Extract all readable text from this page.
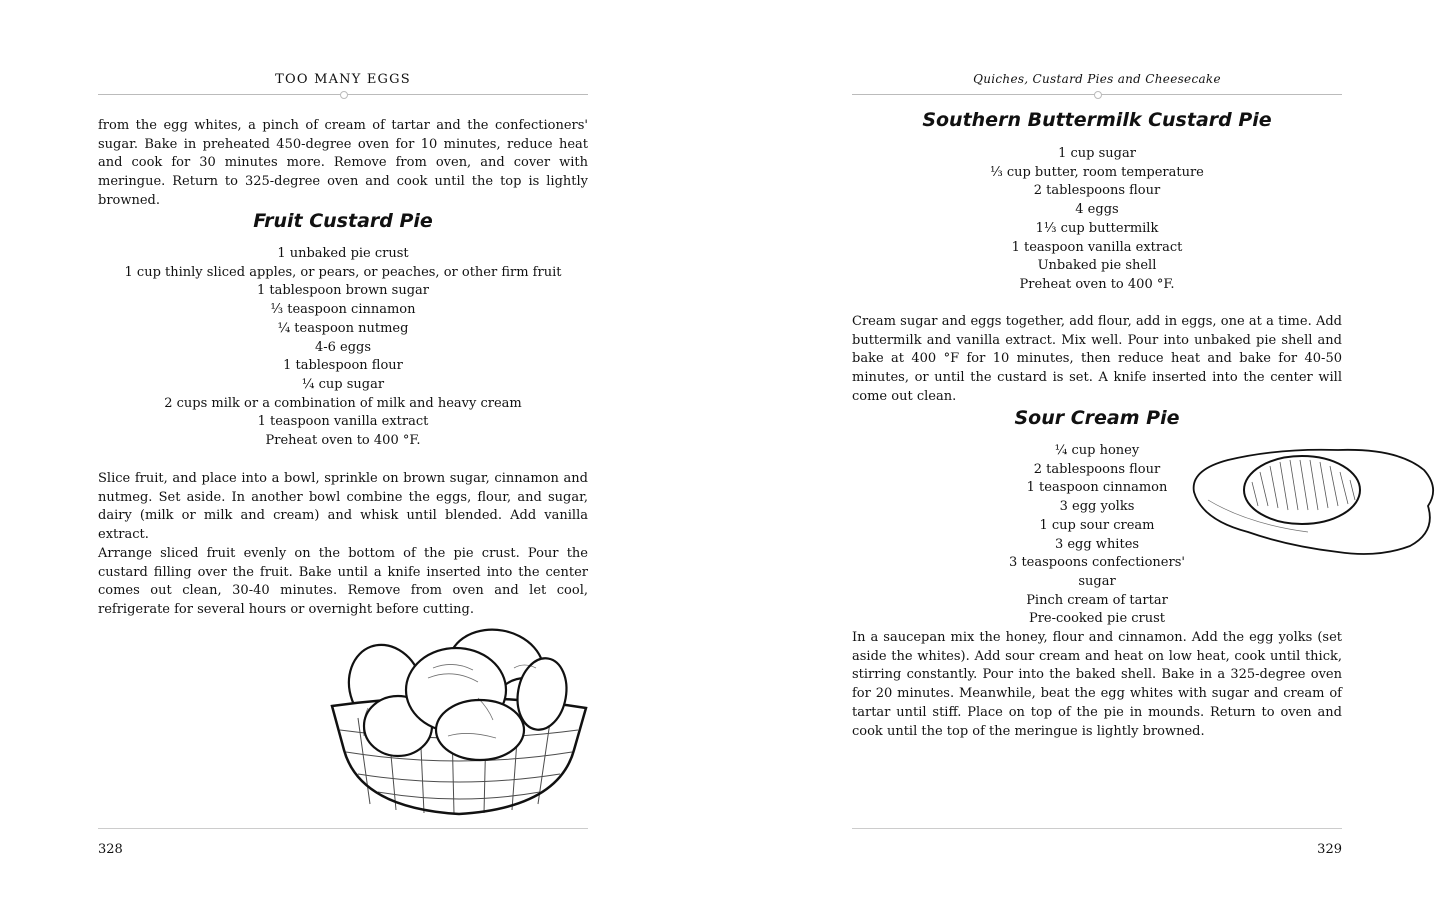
TOO MANY EGGS

from the egg whites, a pinch of cream of tartar and the confectioners' sugar. Bake in preheated 450-degree oven for 10 minutes, reduce heat and cook for 30 minutes more. Remove from oven, and cover with meringue. Return to 325-degree oven and cook until the top is lightly browned.

Fruit Custard Pie
1 unbaked pie crust
1 cup thinly sliced apples, or pears, or peaches, or other firm fruit
1 tablespoon brown sugar
⅓ teaspoon cinnamon
¼ teaspoon nutmeg
4-6 eggs
1 tablespoon flour
¼ cup sugar
2 cups milk or a combination of milk and heavy cream
1 teaspoon vanilla extract
Preheat oven to 400 °F.

Slice fruit, and place into a bowl, sprinkle on brown sugar, cinnamon and nutmeg. Set aside. In another bowl combine the eggs, flour, and sugar, dairy (milk or milk and cream) and whisk until blended. Add vanilla extract.

Arrange sliced fruit evenly on the bottom of the pie crust. Pour the custard filling over the fruit. Bake until a knife inserted into the center comes out clean, 30-40 minutes. Remove from oven and let cool, refrigerate for several hours or overnight before cutting.

328
Quiches, Custard Pies and Cheesecake
Southern Buttermilk Custard Pie
1 cup sugar
⅓ cup butter, room temperature
2 tablespoons flour
4 eggs
1⅓ cup buttermilk
1 teaspoon vanilla extract
Unbaked pie shell
Preheat oven to 400 °F.

Cream sugar and eggs together, add flour, add in eggs, one at a time. Add buttermilk and vanilla extract. Mix well. Pour into unbaked pie shell and bake at 400 °F for 10 minutes, then reduce heat and bake for 40-50 minutes, or until the custard is set. A knife inserted into the center will come out clean.

Sour Cream Pie
¼ cup honey
2 tablespoons flour
1 teaspoon cinnamon
3 egg yolks
1 cup sour cream
3 egg whites
3 teaspoons confectioners' sugar
Pinch cream of tartar
Pre-cooked pie crust

In a saucepan mix the honey, flour and cinnamon. Add the egg yolks (set aside the whites). Add sour cream and heat on low heat, cook until thick, stirring constantly. Pour into the baked shell. Bake in a 325-degree oven for 20 minutes. Meanwhile, beat the egg whites with sugar and cream of tartar until stiff. Place on top of the pie in mounds. Return to oven and cook until the top of the meringue is lightly browned.

329
